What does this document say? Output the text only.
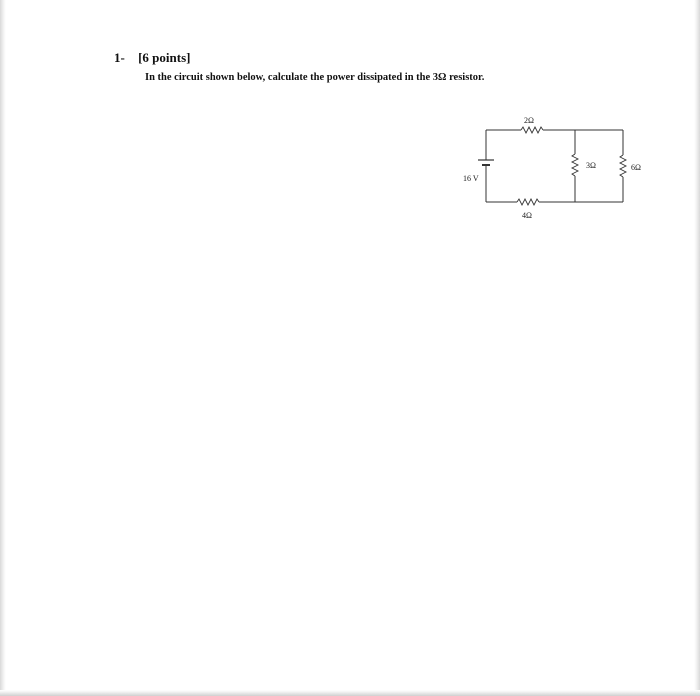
1- [6 points]
In the circuit shown below, calculate the power dissipated in the 3Ω resistor.
2Ω
16 V
4Ω
3Ω	6Ω
